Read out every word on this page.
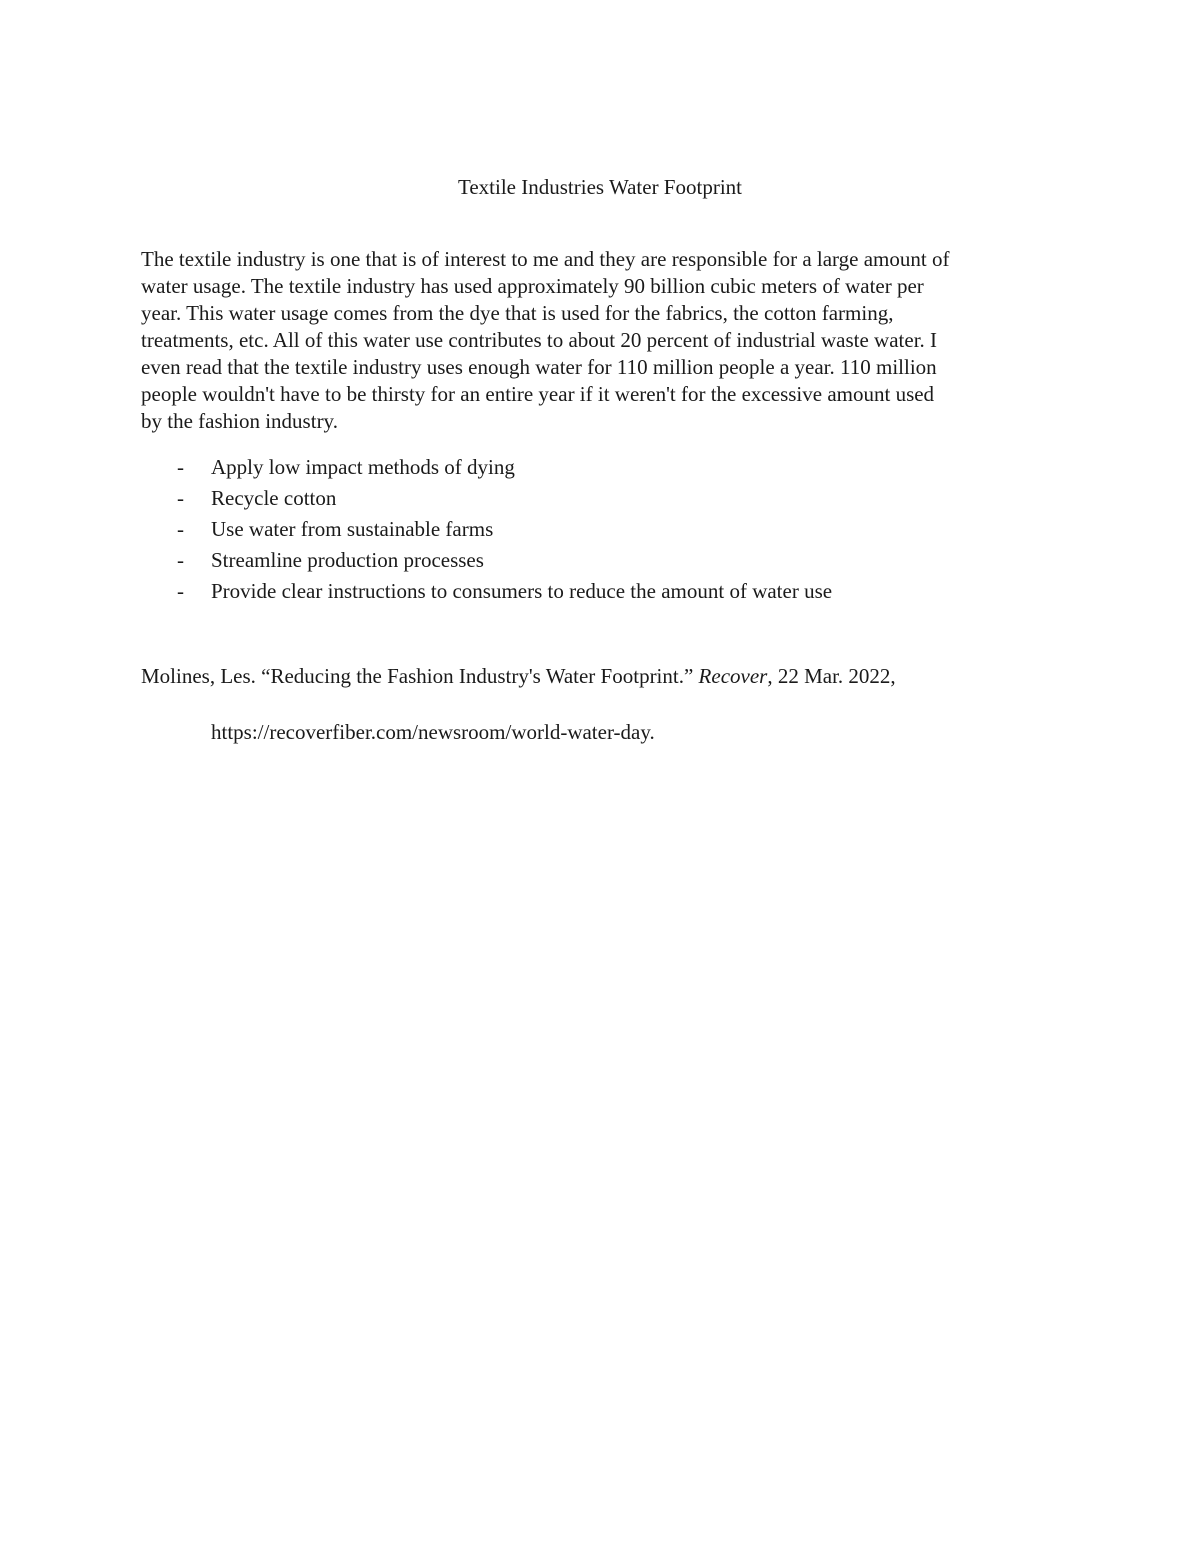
Textile Industries Water Footprint
The textile industry is one that is of interest to me and they are responsible for a large amount of
water usage. The textile industry has used approximately 90 billion cubic meters of water per
year. This water usage comes from the dye that is used for the fabrics, the cotton farming,
treatments, etc. All of this water use contributes to about 20 percent of industrial waste water. I
even read that the textile industry uses enough water for 110 million people a year. 110 million
people wouldn't have to be thirsty for an entire year if it weren't for the excessive amount used
by the fashion industry.
- Apply low impact methods of dying
- Recycle cotton
- Use water from sustainable farms
- Streamline production processes
- Provide clear instructions to consumers to reduce the amount of water use
Molines, Les. “Reducing the Fashion Industry's Water Footprint.” Recover, 22 Mar. 2022,
https://recoverfiber.com/newsroom/world-water-day.
